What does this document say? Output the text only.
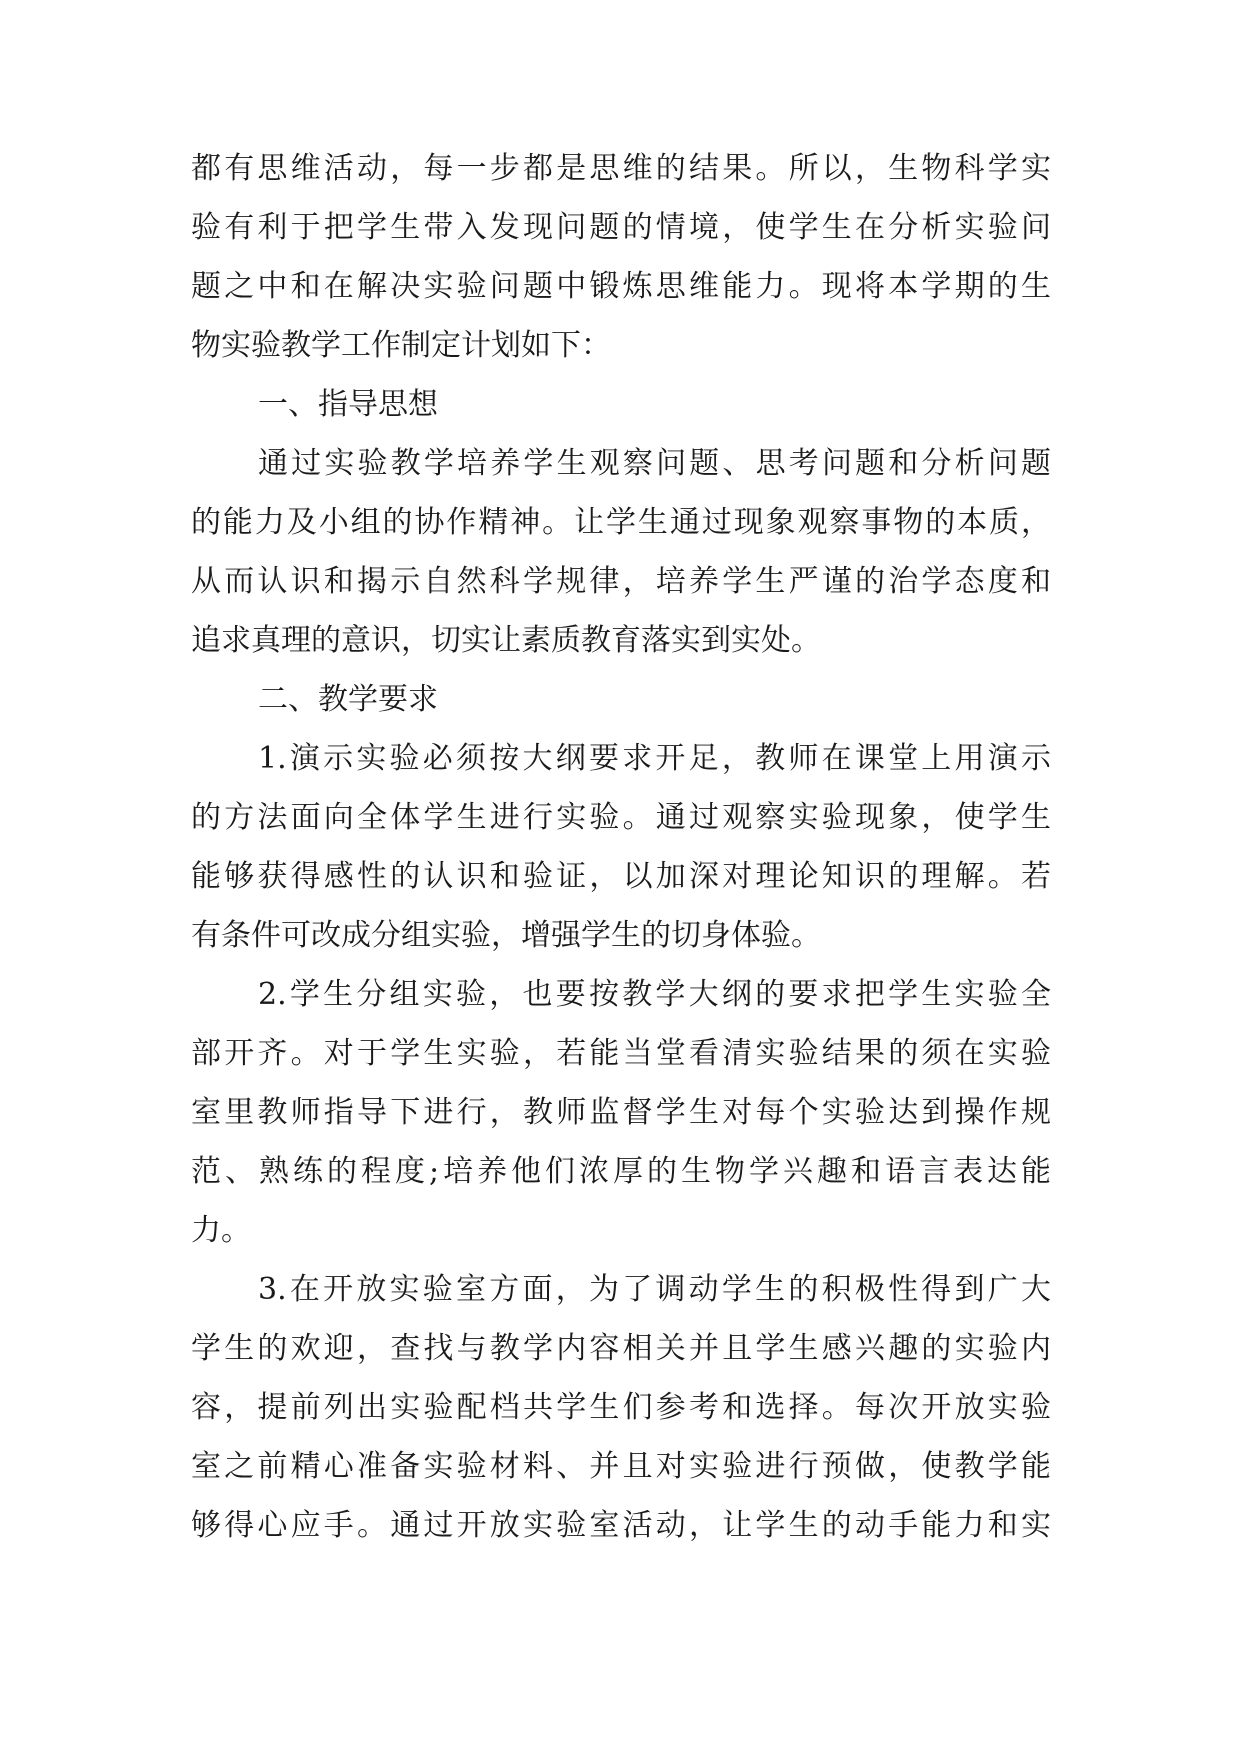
都有思维活动，每一步都是思维的结果。所以，生物科学实
验有利于把学生带入发现问题的情境，使学生在分析实验问
题之中和在解决实验问题中锻炼思维能力。现将本学期的生
物实验教学工作制定计划如下：
一、指导思想
通过实验教学培养学生观察问题、思考问题和分析问题
的能力及小组的协作精神。让学生通过现象观察事物的本质，
从而认识和揭示自然科学规律，培养学生严谨的治学态度和
追求真理的意识，切实让素质教育落实到实处。
二、教学要求
1.演示实验必须按大纲要求开足，教师在课堂上用演示
的方法面向全体学生进行实验。通过观察实验现象，使学生
能够获得感性的认识和验证，以加深对理论知识的理解。若
有条件可改成分组实验，增强学生的切身体验。
2.学生分组实验，也要按教学大纲的要求把学生实验全
部开齐。对于学生实验，若能当堂看清实验结果的须在实验
室里教师指导下进行，教师监督学生对每个实验达到操作规
范、熟练的程度;培养他们浓厚的生物学兴趣和语言表达能
力。
3.在开放实验室方面，为了调动学生的积极性得到广大
学生的欢迎，查找与教学内容相关并且学生感兴趣的实验内
容，提前列出实验配档共学生们参考和选择。每次开放实验
室之前精心准备实验材料、并且对实验进行预做，使教学能
够得心应手。通过开放实验室活动，让学生的动手能力和实
